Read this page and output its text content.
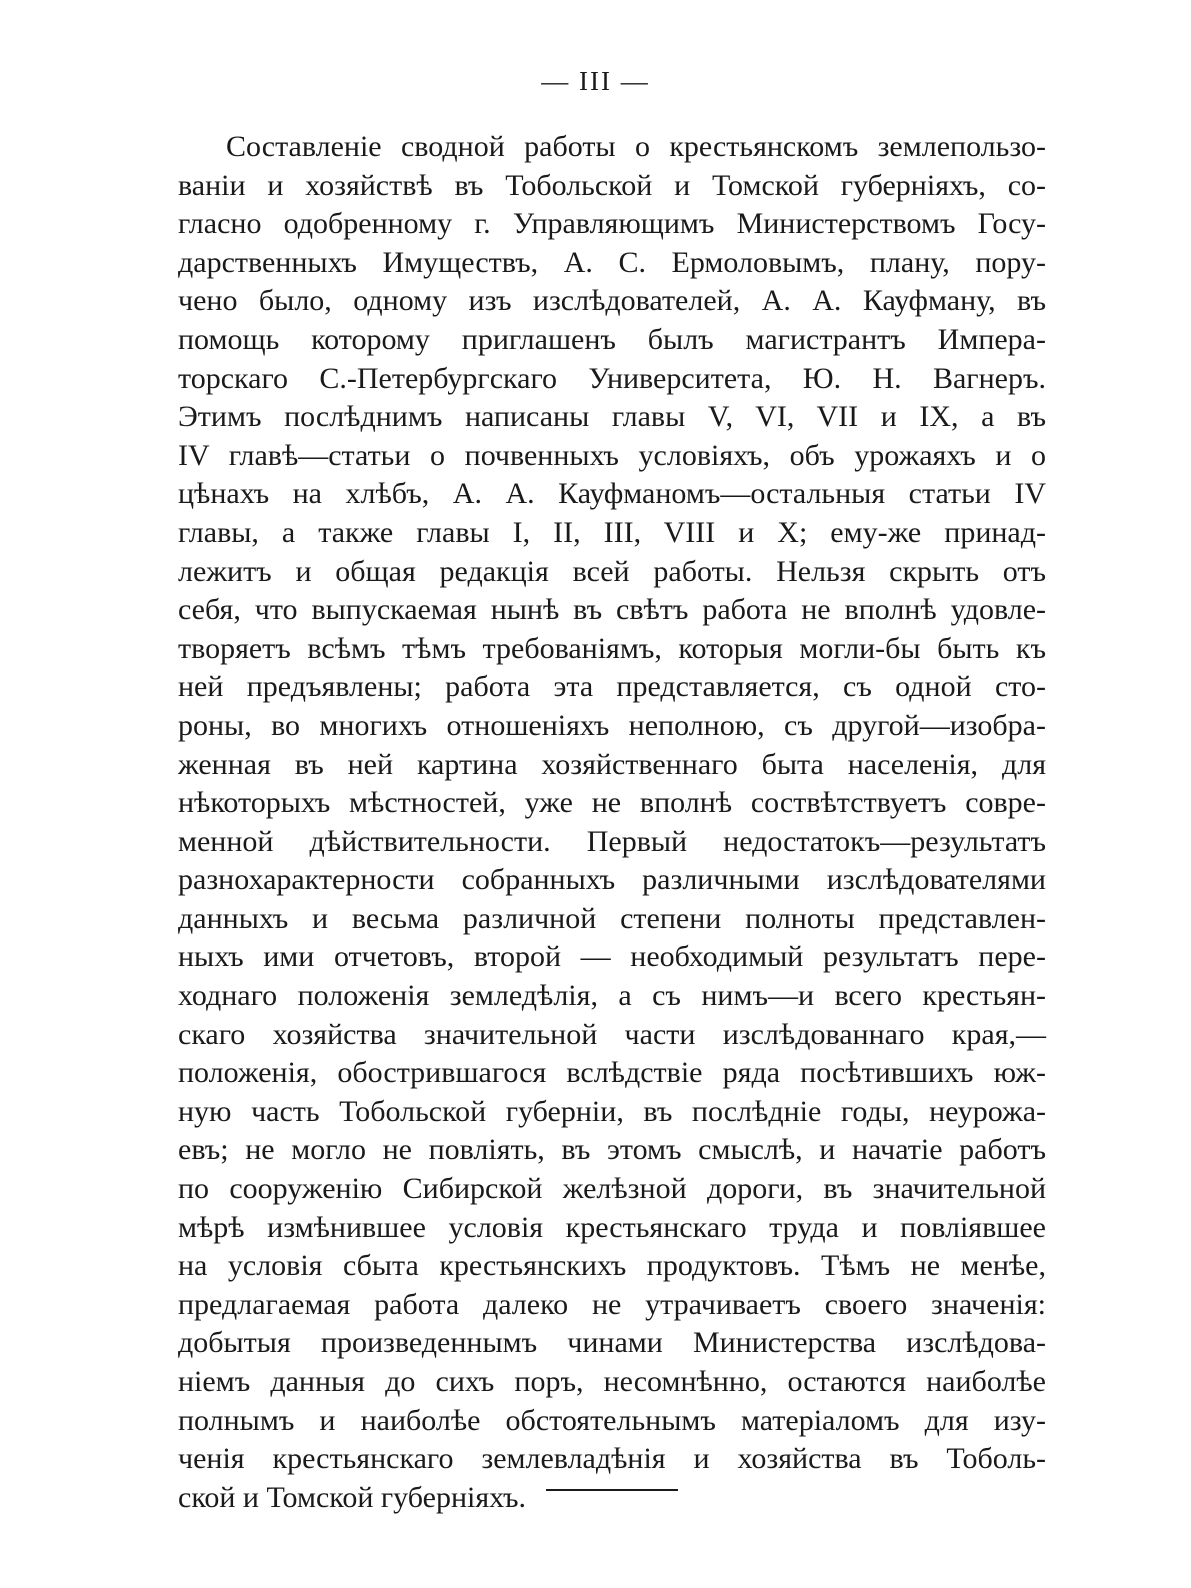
— III —
Составленіе сводной работы о крестьянскомъ землепользо-
ваніи и хозяйствѣ въ Тобольской и Томской губерніяхъ, со-
гласно одобренному г. Управляющимъ Министерствомъ Госу-
дарственныхъ Имуществъ, А. С. Ермоловымъ, плану, пору-
чено было, одному изъ изслѣдователей, А. А. Кауфману, въ
помощь которому приглашенъ былъ магистрантъ Импера-
торскаго С.-Петербургскаго Университета, Ю. Н. Вагнеръ.
Этимъ послѣднимъ написаны главы V, VI, VII и IX, а въ
IV главѣ—статьи о почвенныхъ условіяхъ, объ урожаяхъ и о
цѣнахъ на хлѣбъ, А. А. Кауфманомъ—остальныя статьи IV
главы, а также главы I, II, III, VIII и X; ему-же принад-
лежитъ и общая редакція всей работы. Нельзя скрыть отъ
себя, что выпускаемая нынѣ въ свѣтъ работа не вполнѣ удовле-
творяетъ всѣмъ тѣмъ требованіямъ, которыя могли-бы быть къ
ней предъявлены; работа эта представляется, съ одной сто-
роны, во многихъ отношеніяхъ неполною, съ другой—изобра-
женная въ ней картина хозяйственнаго быта населенія, для
нѣкоторыхъ мѣстностей, уже не вполнѣ соствѣтствуетъ совре-
менной дѣйствительности. Первый недостатокъ—результатъ
разнохарактерности собранныхъ различными изслѣдователями
данныхъ и весьма различной степени полноты представлен-
ныхъ ими отчетовъ, второй — необходимый результатъ пере-
ходнаго положенія земледѣлія, а съ нимъ—и всего крестьян-
скаго хозяйства значительной части изслѣдованнаго края,—
положенія, обострившагося вслѣдствіе ряда посѣтившихъ юж-
ную часть Тобольской губерніи, въ послѣдніе годы, неурожа-
евъ; не могло не повліять, въ этомъ смыслѣ, и начатіе работъ
по сооруженію Сибирской желѣзной дороги, въ значительной
мѣрѣ измѣнившее условія крестьянскаго труда и повліявшее
на условія сбыта крестьянскихъ продуктовъ. Тѣмъ не менѣе,
предлагаемая работа далеко не утрачиваетъ своего значенія:
добытыя произведеннымъ чинами Министерства изслѣдова-
ніемъ данныя до сихъ поръ, несомнѣнно, остаются наиболѣе
полнымъ и наиболѣе обстоятельнымъ матеріаломъ для изу-
ченія крестьянскаго землевладѣнія и хозяйства въ Тоболь-
ской и Томской губерніяхъ.
